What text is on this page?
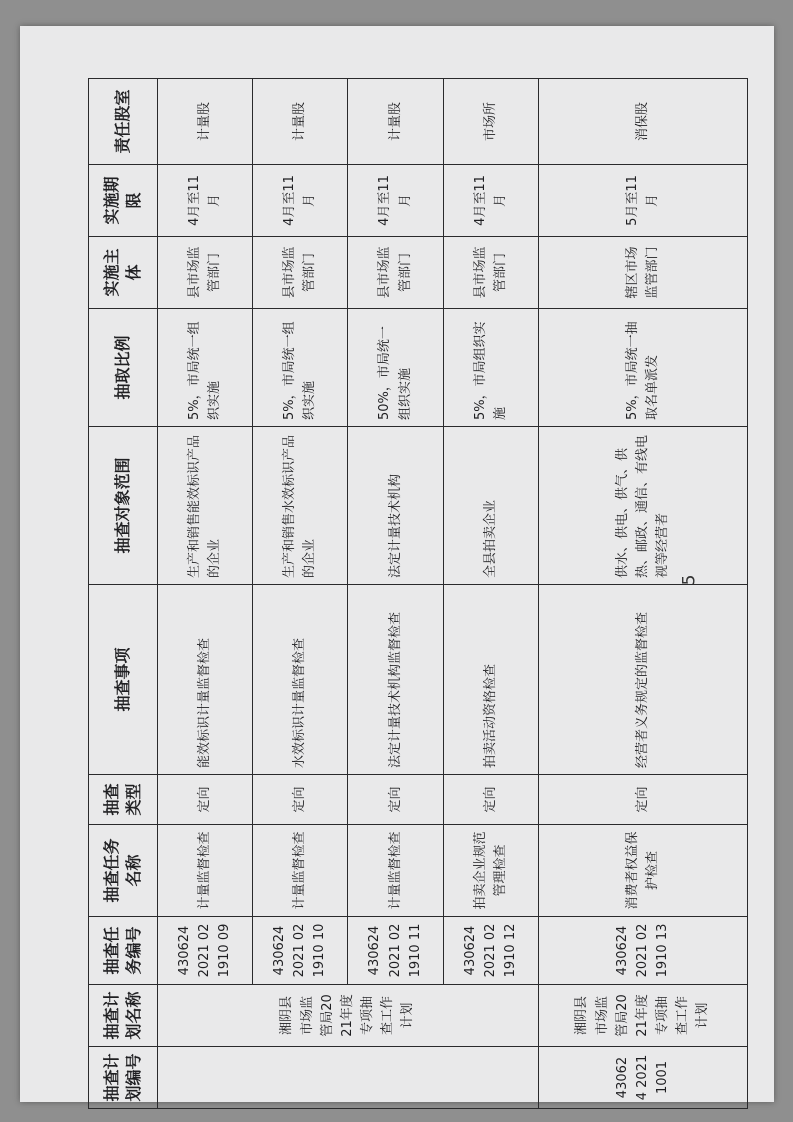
抽查计划编号	抽查计划名称	抽查任务编号	抽查任务名称	抽查类型	抽查事项	抽查对象范围	抽取比例	实施主体	实施期限	责任股室
	湘阴县市场监管局2021年度专项抽查工作计划	430624 2021 021910 09	计量监督检查	定向	能效标识计量监督检查	生产和销售能效标识产品的企业	5%，市局统一组织实施	县市场监管部门	4月至11月	计量股
		430624 2021 021910 10	计量监督检查	定向	水效标识计量监督检查	生产和销售水效标识产品的企业	5%，市局统一组织实施	县市场监管部门	4月至11月	计量股
		430624 2021 021910 11	计量监督检查	定向	法定计量技术机构监督检查	法定计量技术机构	50%，市局统一组织实施	县市场监管部门	4月至11月	计量股
		430624 2021 021910 12	拍卖企业规范管理检查	定向	拍卖活动资格检查	全县拍卖企业	5%，市局组织实施	县市场监管部门	4月至11月	市场所
430624 2021 1001	湘阴县市场监管局2021年度专项抽查工作计划	430624 2021 021910 13	消费者权益保护检查	定向	经营者义务规定的监督检查	供水、供电、供气、供热、邮政、通信、有线电视等经营者	5%，市局统一抽取名单派发	辖区市场监管部门	5月至11月	消保股
5
